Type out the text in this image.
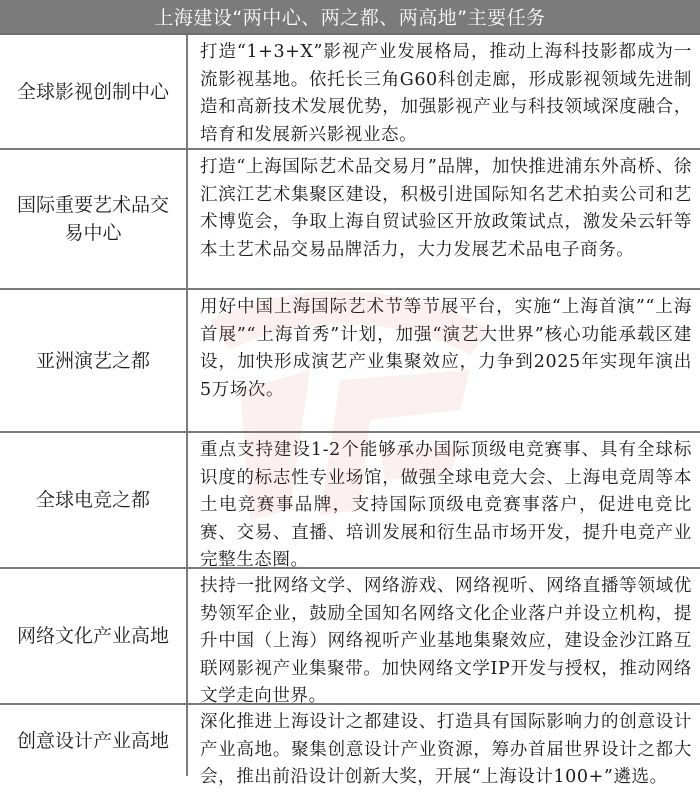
上海建设“两中心、两之都、两高地”主要任务
全球影视创制中心
打造“1+3+X”影视产业发展格局，推动上海科技影都成为一流影视基地。依托长三角G60科创走廊，形成影视领域先进制造和高新技术发展优势，加强影视产业与科技领域深度融合，培育和发展新兴影视业态。
国际重要艺术品交易中心
打造“上海国际艺术品交易月”品牌，加快推进浦东外高桥、徐汇滨江艺术集聚区建设，积极引进国际知名艺术拍卖公司和艺术博览会，争取上海自贸试验区开放政策试点，激发朵云轩等本土艺术品交易品牌活力，大力发展艺术品电子商务。
亚洲演艺之都
用好中国上海国际艺术节等节展平台，实施“上海首演”“上海首展”“上海首秀”计划，加强“演艺大世界”核心功能承载区建设，加快形成演艺产业集聚效应，力争到2025年实现年演出5万场次。
全球电竞之都
重点支持建设1-2个能够承办国际顶级电竞赛事、具有全球标识度的标志性专业场馆，做强全球电竞大会、上海电竞周等本土电竞赛事品牌，支持国际顶级电竞赛事落户，促进电竞比赛、交易、直播、培训发展和衍生品市场开发，提升电竞产业完整生态圈。
网络文化产业高地
扶持一批网络文学、网络游戏、网络视听、网络直播等领域优势领军企业，鼓励全国知名网络文化企业落户并设立机构，提升中国（上海）网络视听产业基地集聚效应，建设金沙江路互联网影视产业集聚带。加快网络文学IP开发与授权，推动网络文学走向世界。
创意设计产业高地
深化推进上海设计之都建设、打造具有国际影响力的创意设计产业高地。聚集创意设计产业资源，筹办首届世界设计之都大会，推出前沿设计创新大奖，开展“上海设计100+”遴选。
